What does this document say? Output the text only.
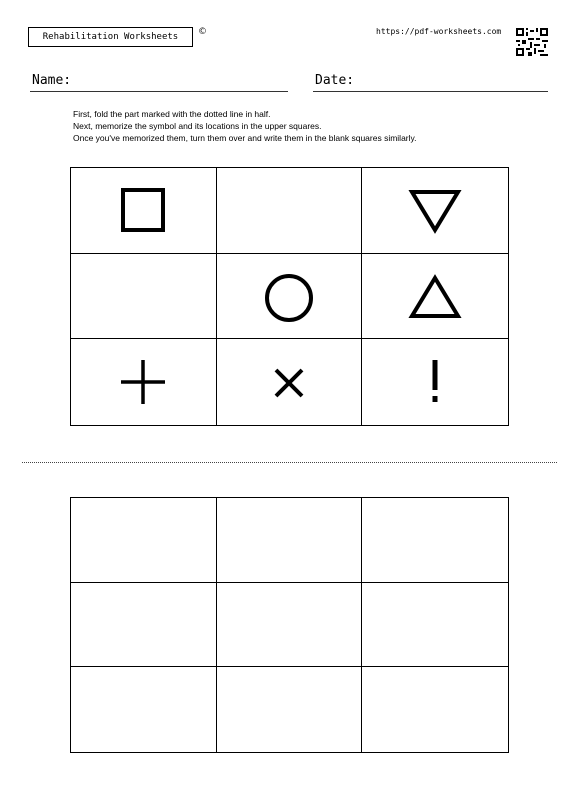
Rehabilitation Worksheets	©	https://pdf-worksheets.com
Name:	Date:
First, fold the part marked with the dotted line in half.
Next, memorize the symbol and its locations in the upper squares.
Once you've memorized them, turn them over and write them in the blank squares similarly.
